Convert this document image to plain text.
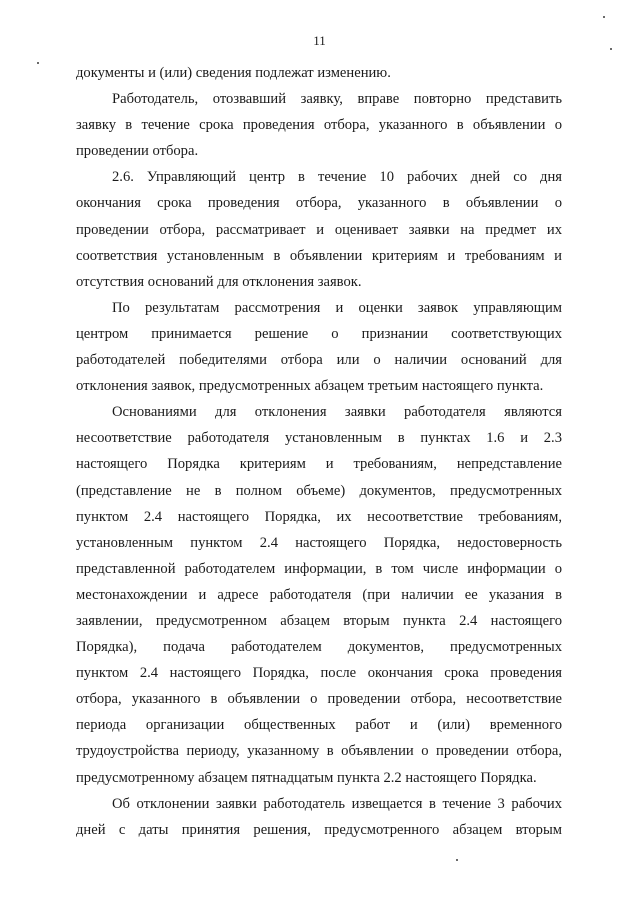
11
документы и (или) сведения подлежат изменению.
Работодатель, отозвавший заявку, вправе повторно представить
заявку в течение срока проведения отбора, указанного в объявлении о
проведении отбора.
2.6. Управляющий центр в течение 10 рабочих дней со дня
окончания срока проведения отбора, указанного в объявлении о
проведении отбора, рассматривает и оценивает заявки на предмет их
соответствия установленным в объявлении критериям и требованиям и
отсутствия оснований для отклонения заявок.
По результатам рассмотрения и оценки заявок управляющим
центром принимается решение о признании соответствующих
работодателей победителями отбора или о наличии оснований для
отклонения заявок, предусмотренных абзацем третьим настоящего пункта.
Основаниями для отклонения заявки работодателя являются
несоответствие работодателя установленным в пунктах 1.6 и 2.3
настоящего Порядка критериям и требованиям, непредставление
(представление не в полном объеме) документов, предусмотренных
пунктом 2.4 настоящего Порядка, их несоответствие требованиям,
установленным пунктом 2.4 настоящего Порядка, недостоверность
представленной работодателем информации, в том числе информации о
местонахождении и адресе работодателя (при наличии ее указания в
заявлении, предусмотренном абзацем вторым пункта 2.4 настоящего
Порядка), подача работодателем документов, предусмотренных
пунктом 2.4 настоящего Порядка, после окончания срока проведения
отбора, указанного в объявлении о проведении отбора, несоответствие
периода организации общественных работ и (или) временного
трудоустройства периоду, указанному в объявлении о проведении отбора,
предусмотренному абзацем пятнадцатым пункта 2.2 настоящего Порядка.
Об отклонении заявки работодатель извещается в течение 3 рабочих
дней с даты принятия решения, предусмотренного абзацем вторым
